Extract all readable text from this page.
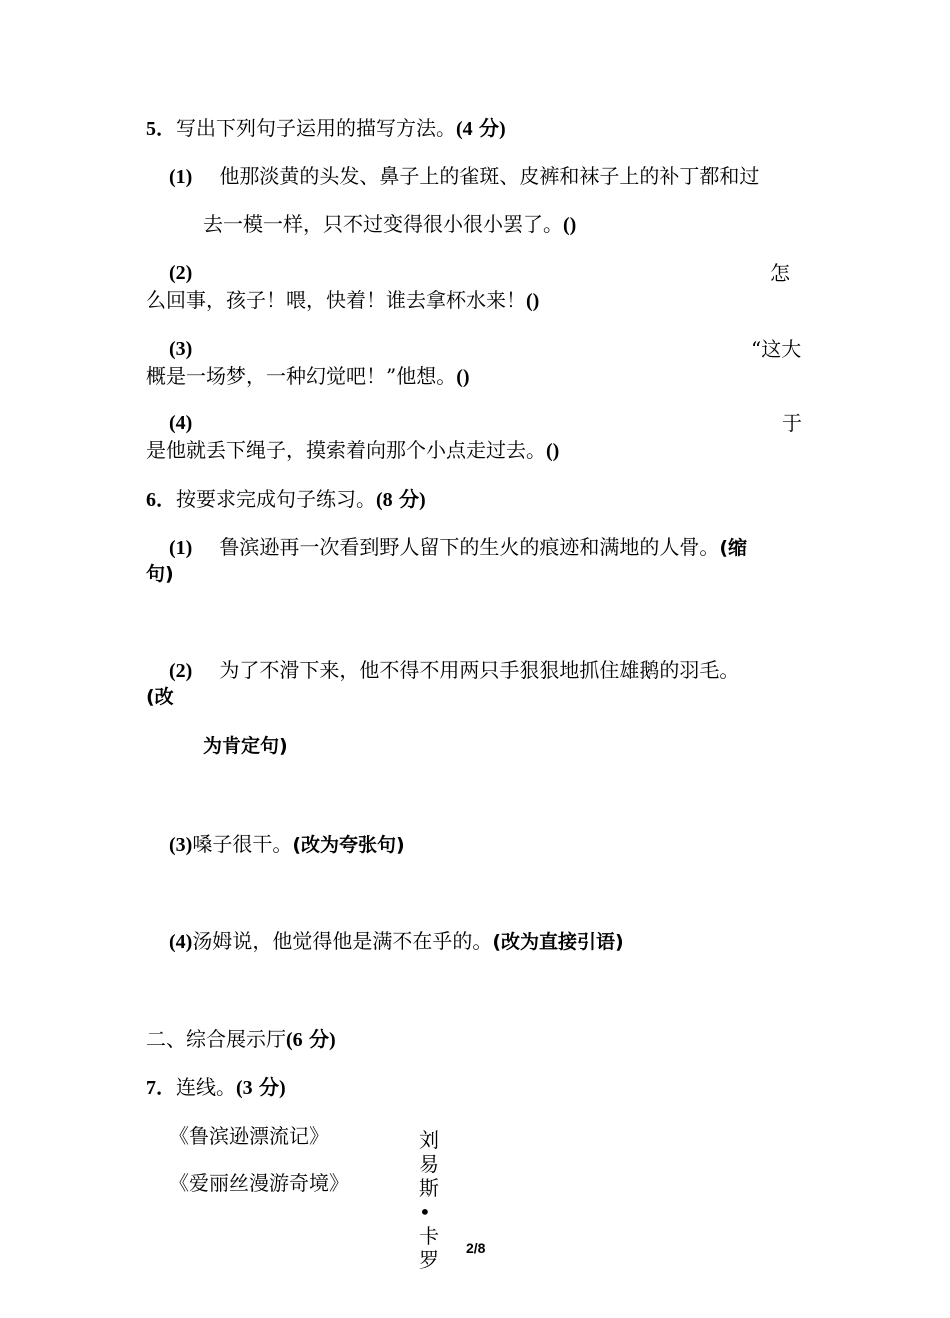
5．写出下列句子运用的描写方法。(4 分)
(1) 他那淡黄的头发、鼻子上的雀斑、皮裤和袜子上的补丁都和过
去一模一样，只不过变得很小很小罢了。()
(2)	怎
么回事，孩子！喂，快着！谁去拿杯水来！()
(3)	“这大
概是一场梦，一种幻觉吧！”他想。()
(4)	于
是他就丢下绳子，摸索着向那个小点走过去。()
6．按要求完成句子练习。(8 分)
(1) 鲁滨逊再一次看到野人留下的生火的痕迹和满地的人骨。(缩
句)
(2) 为了不滑下来，他不得不用两只手狠狠地抓住雄鹅的羽毛。
(改
为肯定句)
(3)嗓子很干。(改为夸张句)
(4)汤姆说，他觉得他是满不在乎的。(改为直接引语)
二、综合展示厅(6 分)
7．连线。(3 分)
《鲁滨逊漂流记》
《爱丽丝漫游奇境》
刘
易
斯•
卡
罗	2/8
